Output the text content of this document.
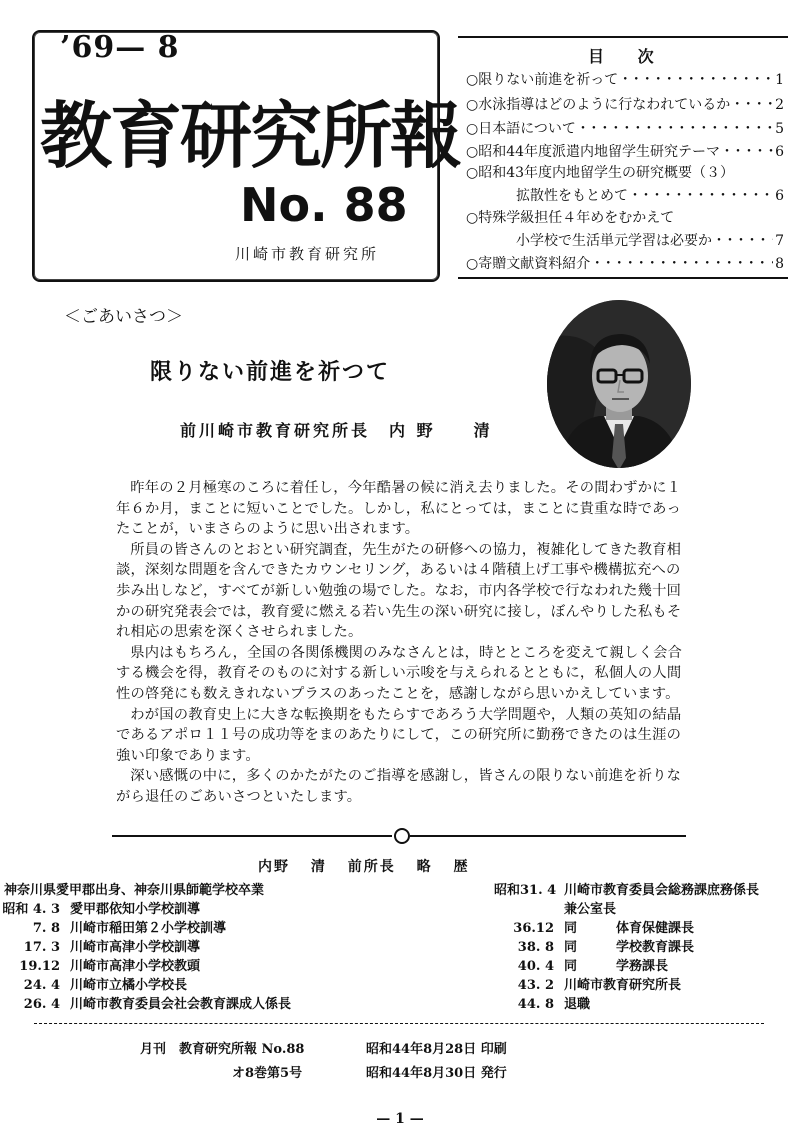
’69— 8
教育研究所報
No. 88
川崎市教育研究所
目 次
○限りない前進を祈って ・・・・・・・・・・・・・・・・・・・・・・・・・・・・・・・・	1
○水泳指導はどのように行なわれているか ・・・・・・・・・・・・・・・・・・・・・・・・・・・・・・・・	2
○日本語について ・・・・・・・・・・・・・・・・・・・・・・・・・・・・・・・・	5
○昭和44年度派遣内地留学生研究テーマ ・・・・・・・・・・・・・・・・・・・・・・・・・・・・・・・・	6
○昭和43年度内地留学生の研究概要（３）
拡散性をもとめて ・・・・・・・・・・・・・・・・・・・・・・・・・・・・・・・・	6
○特殊学級担任４年めをむかえて
小学校で生活単元学習は必要か ・・・・・・・・・・・・・・・・・・・・・・・・・・・・・・・・	7
○寄贈文献資料紹介 ・・・・・・・・・・・・・・・・・・・・・・・・・・・・・・・・	8
＜ごあいさつ＞
限りない前進を祈つて
前川崎市教育研究所長　内 野　　清

昨年の２月極寒のころに着任し，今年酷暑の候に消え去りました。その間わずかに１年６か月，まことに短いことでした。しかし，私にとっては，まことに貴重な時であったことが，いまさらのように思い出されます。

所員の皆さんのとおとい研究調査，先生がたの研修への協力，複雑化してきた教育相談，深刻な問題を含んできたカウンセリング，あるいは４階積上げ工事や機構拡充への歩み出しなど，すべてが新しい勉強の場でした。なお，市内各学校で行なわれた幾十回かの研究発表会では，教育愛に燃える若い先生の深い研究に接し，ぼんやりした私もそれ相応の思索を深くさせられました。

県内はもちろん，全国の各関係機関のみなさんとは，時とところを変えて親しく会合する機会を得，教育そのものに対する新しい示唆を与えられるとともに，私個人の人間性の啓発にも数えきれないプラスのあったことを，感謝しながら思いかえしています。

わが国の教育史上に大きな転換期をもたらすであろう大学問題や，人類の英知の結晶であるアポロ１１号の成功等をまのあたりにして，この研究所に勤務できたのは生涯の強い印象であります。

深い感慨の中に，多くのかたがたのご指導を感謝し，皆さんの限りない前進を祈りながら退任のごあいさつといたします。

内野 清 前所長 略 歴
神奈川県愛甲郡出身、神奈川県師範学校卒業
昭和 4. 3 愛甲郡依知小学校訓導
7. 8 川崎市稲田第２小学校訓導
17. 3 川崎市高津小学校訓導
19.12 川崎市高津小学校教頭
24. 4 川崎市立橘小学校長
26. 4 川崎市教育委員会社会教育課成人係長
昭和31. 4 川崎市教育委員会総務課庶務係長
兼公室長
36.12 同　　　体育保健課長
38. 8 同　　　学校教育課長
40. 4 同　　　学務課長
43. 2 川崎市教育研究所長
44. 8 退職
月刊　教育研究所報 No.88	昭和44年8月28日 印刷
オ8巻第5号	昭和44年8月30日 発行
— 1 —
